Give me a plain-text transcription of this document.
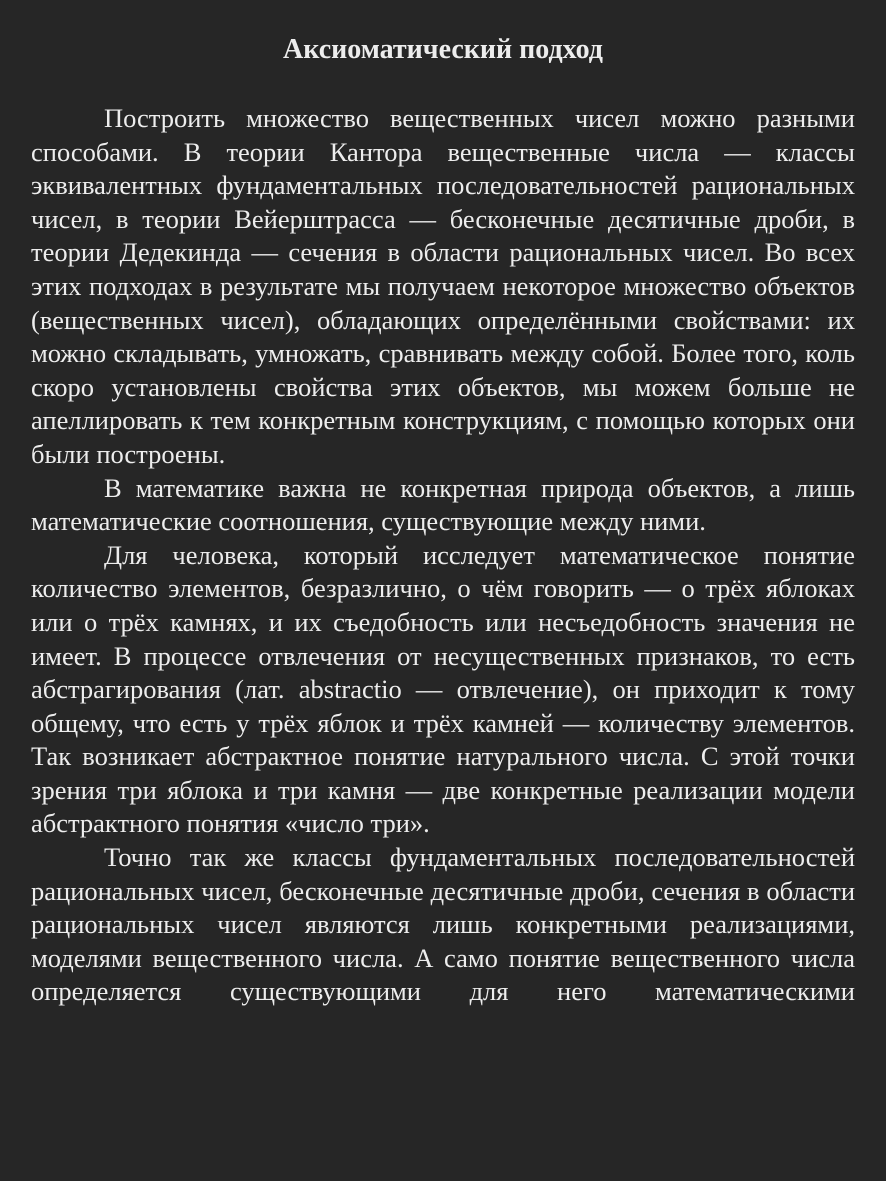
Аксиоматический подход

Построить множество вещественных чисел можно разными способами. В теории Кантора вещественные числа — классы эквивалентных фундаментальных последовательностей рациональных чисел, в теории Вейерштрасса — бесконечные десятичные дроби, в теории Дедекинда — сечения в области рациональных чисел. Во всех этих подходах в результате мы получаем некоторое множество объектов (вещественных чисел), обладающих определёнными свойствами: их можно складывать, умножать, сравнивать между собой. Более того, коль скоро установлены свойства этих объектов, мы можем больше не апеллировать к тем конкретным конструкциям, с помощью которых они были построены.

В математике важна не конкретная природа объектов, а лишь математические соотношения, существующие между ними.

Для человека, который исследует математическое понятие количество элементов, безразлично, о чём говорить — о трёх яблоках или о трёх камнях, и их съедобность или несъедобность значения не имеет. В процессе отвлечения от несущественных признаков, то есть абстрагирования (лат. abstractio — отвлечение), он приходит к тому общему, что есть у трёх яблок и трёх камней — количеству элементов. Так возникает абстрактное понятие натурального числа. С этой точки зрения три яблока и три камня — две конкретные реализации модели абстрактного понятия «число три».

Точно так же классы фундаментальных последовательностей рациональных чисел, бесконечные десятичные дроби, сечения в области рациональных чисел являются лишь конкретными реализациями, моделями вещественного числа. А само понятие вещественного числа определяется существующими для него математическими
